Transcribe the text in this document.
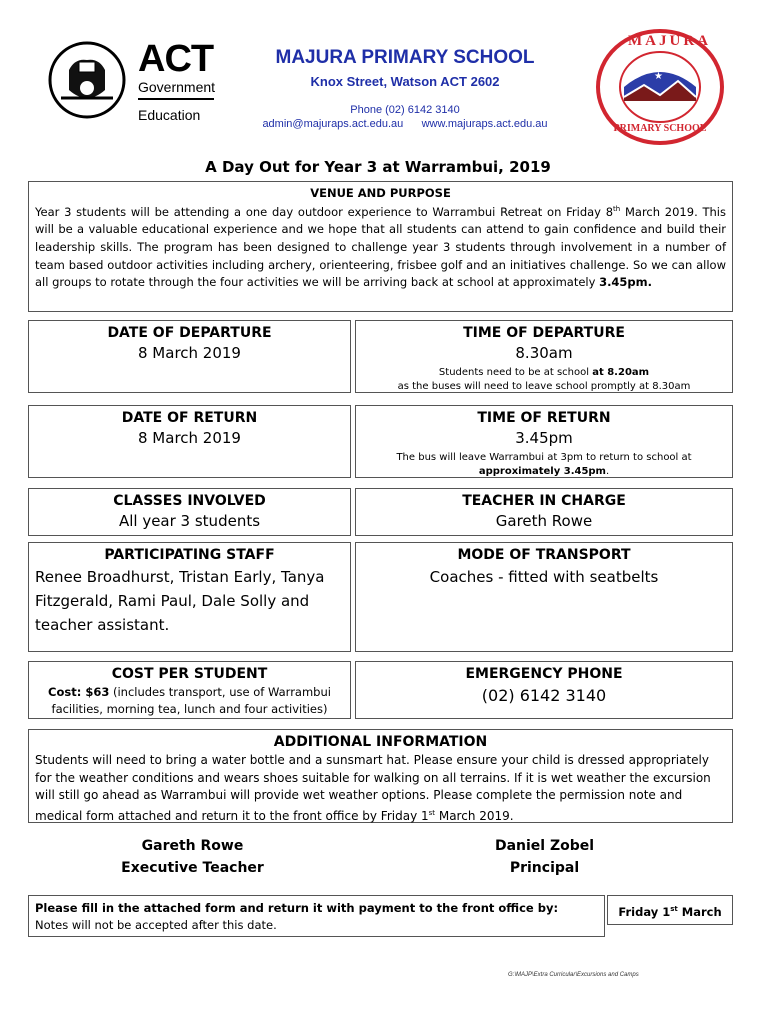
ACT
Government
Education
MAJURA PRIMARY SCHOOL
Knox Street, Watson ACT 2602
Phone (02) 6142 3140
admin@majuraps.act.edu.au www.majuraps.act.edu.au
★ ★
★
MAJURA
PRIMARY SCHOOL
A Day Out for Year 3 at Warrambui, 2019
VENUE AND PURPOSE

Year 3 students will be attending a one day outdoor experience to Warrambui Retreat on Friday 8th March 2019. This will be a valuable educational experience and we hope that all students can attend to gain confidence and build their leadership skills. The program has been designed to challenge year 3 students through involvement in a number of team based outdoor activities including archery, orienteering, frisbee golf and an initiatives challenge. So we can allow all groups to rotate through the four activities we will be arriving back at school at approximately 3.45pm.

DATE OF DEPARTURE
8 March 2019
TIME OF DEPARTURE
8.30am
Students need to be at school at 8.20am
as the buses will need to leave school promptly at 8.30am
DATE OF RETURN
8 March 2019
TIME OF RETURN
3.45pm
The bus will leave Warrambui at 3pm to return to school at
approximately 3.45pm.
CLASSES INVOLVED
All year 3 students
TEACHER IN CHARGE
Gareth Rowe
PARTICIPATING STAFF
Renee Broadhurst, Tristan Early, Tanya Fitzgerald, Rami Paul, Dale Solly and teacher assistant.
MODE OF TRANSPORT
Coaches - fitted with seatbelts
COST PER STUDENT
Cost: $63 (includes transport, use of Warrambui facilities, morning tea, lunch and four activities)
EMERGENCY PHONE
(02) 6142 3140
ADDITIONAL INFORMATION

Students will need to bring a water bottle and a sunsmart hat. Please ensure your child is dressed appropriately for the weather conditions and wears shoes suitable for walking on all terrains. If it is wet weather the excursion will still go ahead as Warrambui will provide wet weather options. Please complete the permission note and medical form attached and return it to the front office by Friday 1st March 2019.

Gareth Rowe
Executive Teacher
Daniel Zobel
Principal
Please fill in the attached form and return it with payment to the front office by:
Notes will not be accepted after this date.
Friday 1st March
G:\MAJP\Extra Curricular\Excursions and Camps
